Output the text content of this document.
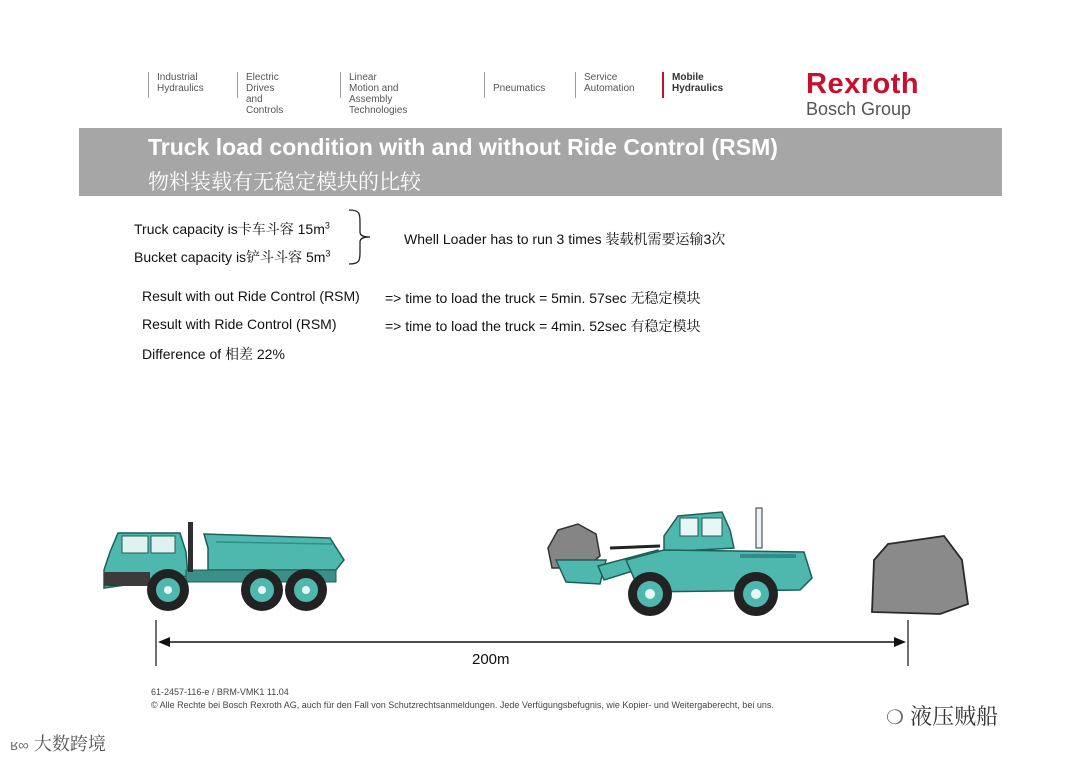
Industrial
Hydraulics
Electric Drives
and Controls
Linear Motion and
Assembly Technologies

Pneumatics
Service
Automation
Mobile
Hydraulics	Rexroth
Bosch Group
Truck load condition with and without Ride Control (RSM)
物料装载有无稳定模块的比较
Truck capacity is卡车斗容 $15m^3$
Bucket capacity is铲斗斗容 $5m^3$
Whell Loader has to run 3 times 装载机需要运输3次
Result with out Ride Control (RSM) => time to load the truck = 5min. 57sec 无稳定模块
Result with Ride Control (RSM)	=> time to load the truck = 4min. 52sec 有稳定模块
Difference of 相差 22%
200m
61-2457-116-e / BRM-VMK1 11.04
© Alle Rechte bei Bosch Rexroth AG, auch für den Fall von Schutzrechtsanmeldungen. Jede Verfügungsbefugnis, wie Kopier- und Weitergaberecht, bei uns.
ʁ∞ 大数跨境
❍ 液压贼船
